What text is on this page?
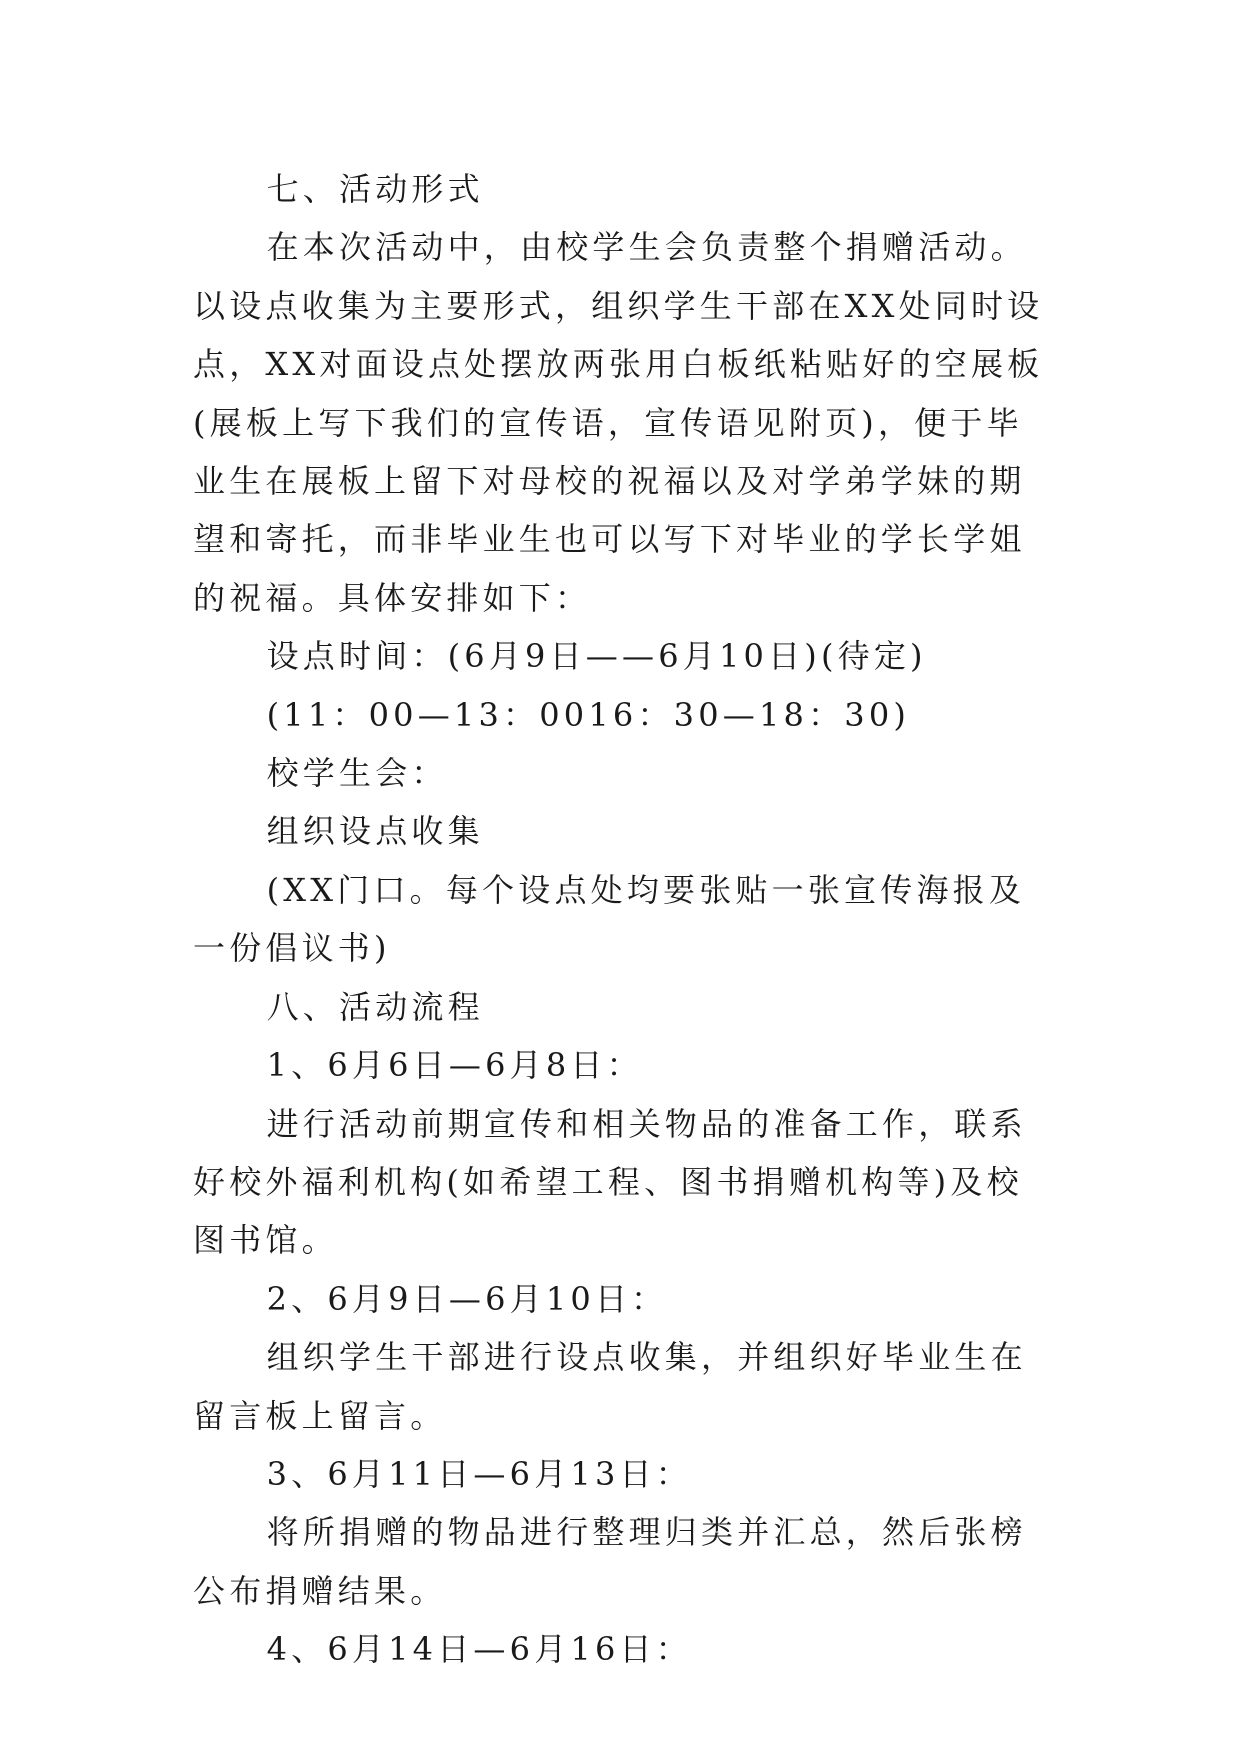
七、活动形式

在本次活动中，由校学生会负责整个捐赠活动。以设点收集为主要形式，组织学生干部在XX处同时设点，XX对面设点处摆放两张用白板纸粘贴好的空展板(展板上写下我们的宣传语，宣传语见附页)，便于毕业生在展板上留下对母校的祝福以及对学弟学妹的期望和寄托，而非毕业生也可以写下对毕业的学长学姐的祝福。具体安排如下：

设点时间：(6月9日——6月10日)(待定)

(11：00—13：0016：30—18：30)

校学生会：

组织设点收集

(XX门口。每个设点处均要张贴一张宣传海报及一份倡议书)

八、活动流程

1、6月6日—6月8日：

进行活动前期宣传和相关物品的准备工作，联系好校外福利机构(如希望工程、图书捐赠机构等)及校图书馆。

2、6月9日—6月10日：

组织学生干部进行设点收集，并组织好毕业生在留言板上留言。

3、6月11日—6月13日：

将所捐赠的物品进行整理归类并汇总，然后张榜公布捐赠结果。

4、6月14日—6月16日：
